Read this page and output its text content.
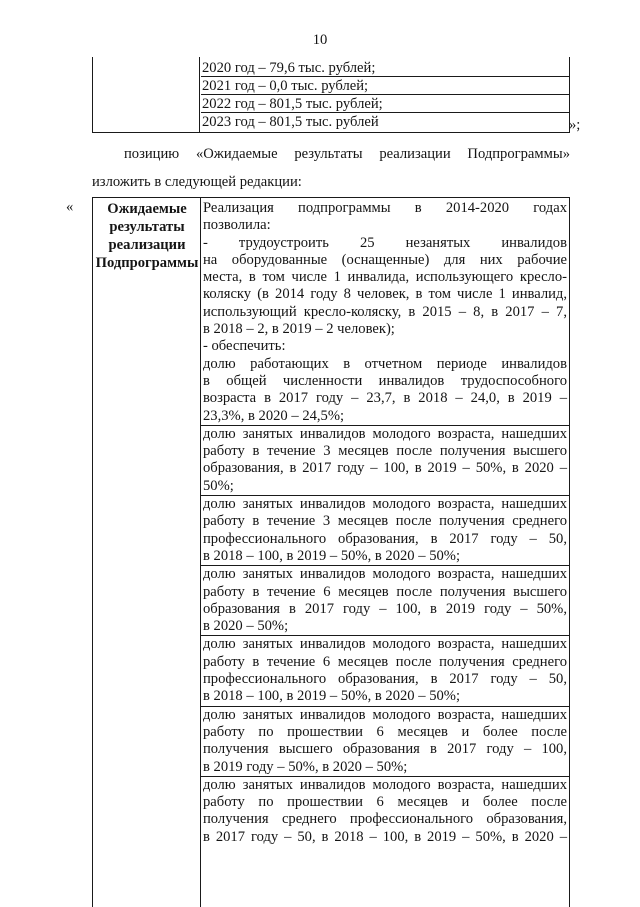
10
2020 год – 79,6 тыс. рублей;
2021 год – 0,0 тыс. рублей;
2022 год – 801,5 тыс. рублей;
2023 год – 801,5 тыс. рублей	»;
позицию «Ожидаемые результаты реализации Подпрограммы»
изложить в следующей редакции:
«	Ожидаемые
результаты
реализации
Подпрограммы
Реализация подпрограммы в 2014-2020 годах
позволила:
- трудоустроить 25 незанятых инвалидов
на оборудованные (оснащенные) для них рабочие
места, в том числе 1 инвалида, использующего кресло-
коляску (в 2014 году 8 человек, в том числе 1 инвалид,
использующий кресло-коляску, в 2015 – 8, в 2017 – 7,
в 2018 – 2, в 2019 – 2 человек);
- обеспечить:
долю работающих в отчетном периоде инвалидов
в общей численности инвалидов трудоспособного
возраста в 2017 году – 23,7, в 2018 – 24,0, в 2019 –
23,3%, в 2020 – 24,5%;
долю занятых инвалидов молодого возраста, нашедших
работу в течение 3 месяцев после получения высшего
образования, в 2017 году – 100, в 2019 – 50%, в 2020 –
50%;
долю занятых инвалидов молодого возраста, нашедших
работу в течение 3 месяцев после получения среднего
профессионального образования, в 2017 году – 50,
в 2018 – 100, в 2019 – 50%, в 2020 – 50%;
долю занятых инвалидов молодого возраста, нашедших
работу в течение 6 месяцев после получения высшего
образования в 2017 году – 100, в 2019 году – 50%,
в 2020 – 50%;
долю занятых инвалидов молодого возраста, нашедших
работу в течение 6 месяцев после получения среднего
профессионального образования, в 2017 году – 50,
в 2018 – 100, в 2019 – 50%, в 2020 – 50%;
долю занятых инвалидов молодого возраста, нашедших
работу по прошествии 6 месяцев и более после
получения высшего образования в 2017 году – 100,
в 2019 году – 50%, в 2020 – 50%;
долю занятых инвалидов молодого возраста, нашедших
работу по прошествии 6 месяцев и более после
получения среднего профессионального образования,
в 2017 году – 50, в 2018 – 100, в 2019 – 50%, в 2020 –
